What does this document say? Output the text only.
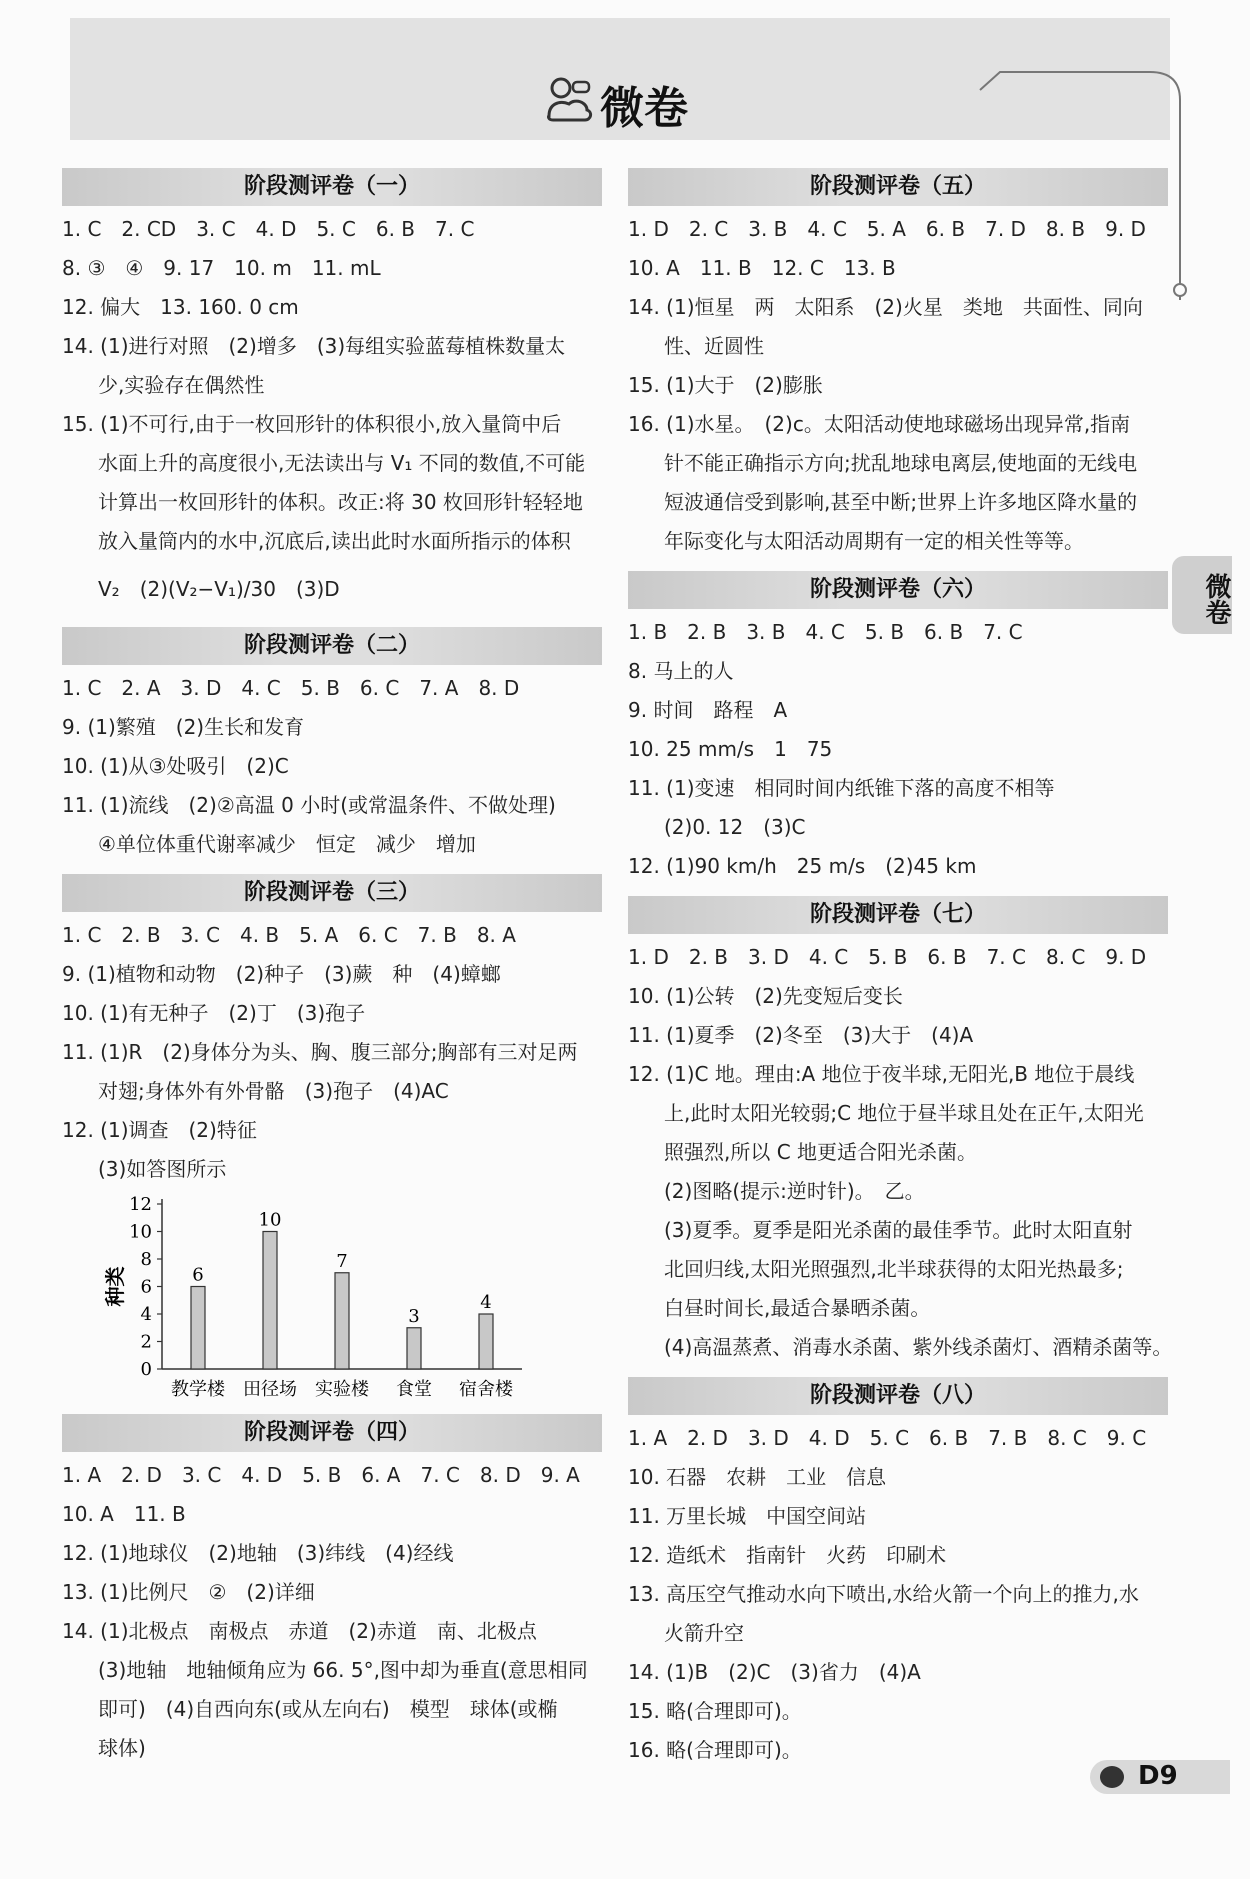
微卷
微卷
阶段测评卷（一）
1. C　2. CD　3. C　4. D　5. C　6. B　7. C
8. ③　④　9. 17　10. m　11. mL
12. 偏大　13. 160. 0 cm
14. (1)进行对照　(2)增多　(3)每组实验蓝莓植株数量太
少,实验存在偶然性
15. (1)不可行,由于一枚回形针的体积很小,放入量筒中后
水面上升的高度很小,无法读出与 V₁ 不同的数值,不可能
计算出一枚回形针的体积。改正:将 30 枚回形针轻轻地
放入量筒内的水中,沉底后,读出此时水面所指示的体积
V₂　(2)(V₂−V₁)/30　(3)D
阶段测评卷（二）
1. C　2. A　3. D　4. C　5. B　6. C　7. A　8. D
9. (1)繁殖　(2)生长和发育
10. (1)从③处吸引　(2)C
11. (1)流线　(2)②高温 0 小时(或常温条件、不做处理)
④单位体重代谢率减少　恒定　减少　增加
阶段测评卷（三）
1. C　2. B　3. C　4. B　5. A　6. C　7. B　8. A
9. (1)植物和动物　(2)种子　(3)蕨　种　(4)蟑螂
10. (1)有无种子　(2)丁　(3)孢子
11. (1)R　(2)身体分为头、胸、腹三部分;胸部有三对足两
对翅;身体外有外骨骼　(3)孢子　(4)AC
12. (1)调查　(2)特征
(3)如答图所示
0
2
4
6
8
10
12
种类	6
教学楼
10
田径场
7
实验楼
3
食堂
4
宿舍楼
阶段测评卷（四）
1. A　2. D　3. C　4. D　5. B　6. A　7. C　8. D　9. A
10. A　11. B
12. (1)地球仪　(2)地轴　(3)纬线　(4)经线
13. (1)比例尺　②　(2)详细
14. (1)北极点　南极点　赤道　(2)赤道　南、北极点
(3)地轴　地轴倾角应为 66. 5°,图中却为垂直(意思相同
即可)　(4)自西向东(或从左向右)　模型　球体(或椭
球体)
阶段测评卷（五）
1. D　2. C　3. B　4. C　5. A　6. B　7. D　8. B　9. D
10. A　11. B　12. C　13. B
14. (1)恒星　两　太阳系　(2)火星　类地　共面性、同向
性、近圆性
15. (1)大于　(2)膨胀
16. (1)水星。　(2)c。太阳活动使地球磁场出现异常,指南
针不能正确指示方向;扰乱地球电离层,使地面的无线电
短波通信受到影响,甚至中断;世界上许多地区降水量的
年际变化与太阳活动周期有一定的相关性等等。
阶段测评卷（六）
1. B　2. B　3. B　4. C　5. B　6. B　7. C
8. 马上的人
9. 时间　路程　A
10. 25 mm/s　1　75
11. (1)变速　相同时间内纸锥下落的高度不相等
(2)0. 12　(3)C
12. (1)90 km/h　25 m/s　(2)45 km
阶段测评卷（七）
1. D　2. B　3. D　4. C　5. B　6. B　7. C　8. C　9. D
10. (1)公转　(2)先变短后变长
11. (1)夏季　(2)冬至　(3)大于　(4)A
12. (1)C 地。理由:A 地位于夜半球,无阳光,B 地位于晨线
上,此时太阳光较弱;C 地位于昼半球且处在正午,太阳光
照强烈,所以 C 地更适合阳光杀菌。
(2)图略(提示:逆时针)。　乙。
(3)夏季。夏季是阳光杀菌的最佳季节。此时太阳直射
北回归线,太阳光照强烈,北半球获得的太阳光热最多;
白昼时间长,最适合暴晒杀菌。
(4)高温蒸煮、消毒水杀菌、紫外线杀菌灯、酒精杀菌等。
阶段测评卷（八）
1. A　2. D　3. D　4. D　5. C　6. B　7. B　8. C　9. C
10. 石器　农耕　工业　信息
11. 万里长城　中国空间站
12. 造纸术　指南针　火药　印刷术
13. 高压空气推动水向下喷出,水给火箭一个向上的推力,水
火箭升空
14. (1)B　(2)C　(3)省力　(4)A
15. 略(合理即可)。
16. 略(合理即可)。
D9
